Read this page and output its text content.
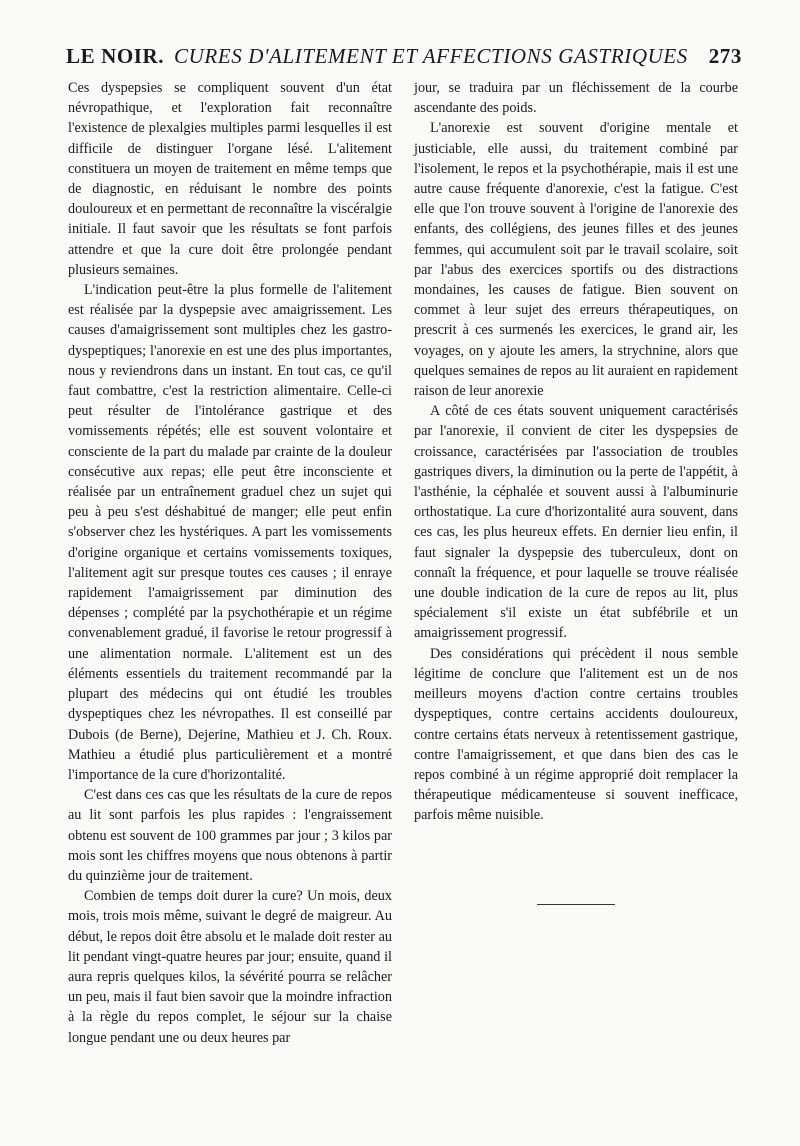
LE NOIR. CURES D'ALITEMENT ET AFFECTIONS GASTRIQUES 273

Ces dyspepsies se compliquent souvent d'un état névropathique, et l'exploration fait reconnaître l'existence de plexalgies multiples parmi lesquelles il est difficile de distinguer l'organe lésé. L'alitement constituera un moyen de traitement en même temps que de diagnostic, en réduisant le nombre des points douloureux et en permettant de reconnaître la viscéralgie initiale. Il faut savoir que les résultats se font parfois attendre et que la cure doit être prolongée pendant plusieurs semaines.

L'indication peut-être la plus formelle de l'alitement est réalisée par la dyspepsie avec amaigrissement. Les causes d'amaigrissement sont multiples chez les gastro-dyspeptiques; l'anorexie en est une des plus importantes, nous y reviendrons dans un instant. En tout cas, ce qu'il faut combattre, c'est la restriction alimentaire. Celle-ci peut résulter de l'intolérance gastrique et des vomissements répétés; elle est souvent volontaire et consciente de la part du malade par crainte de la douleur consécutive aux repas; elle peut être inconsciente et réalisée par un entraînement graduel chez un sujet qui peu à peu s'est déshabitué de manger; elle peut enfin s'observer chez les hystériques. A part les vomissements d'origine organique et certains vomissements toxiques, l'alitement agit sur presque toutes ces causes ; il enraye rapidement l'amaigrissement par diminution des dépenses ; complété par la psychothérapie et un régime convenablement gradué, il favorise le retour progressif à une alimentation normale. L'alitement est un des éléments essentiels du traitement recommandé par la plupart des médecins qui ont étudié les troubles dyspeptiques chez les névropathes. Il est conseillé par Dubois (de Berne), Dejerine, Mathieu et J. Ch. Roux. Mathieu a étudié plus particulièrement et a montré l'importance de la cure d'horizontalité.

C'est dans ces cas que les résultats de la cure de repos au lit sont parfois les plus rapides : l'engraissement obtenu est souvent de 100 grammes par jour ; 3 kilos par mois sont les chiffres moyens que nous obtenons à partir du quinzième jour de traitement.

Combien de temps doit durer la cure? Un mois, deux mois, trois mois même, suivant le degré de maigreur. Au début, le repos doit être absolu et le malade doit rester au lit pendant vingt-quatre heures par jour; ensuite, quand il aura repris quelques kilos, la sévérité pourra se relâcher un peu, mais il faut bien savoir que la moindre infraction à la règle du repos complet, le séjour sur la chaise longue pendant une ou deux heures par

jour, se traduira par un fléchissement de la courbe ascendante des poids.

L'anorexie est souvent d'origine mentale et justiciable, elle aussi, du traitement combiné par l'isolement, le repos et la psychothérapie, mais il est une autre cause fréquente d'anorexie, c'est la fatigue. C'est elle que l'on trouve souvent à l'origine de l'anorexie des enfants, des collégiens, des jeunes filles et des jeunes femmes, qui accumulent soit par le travail scolaire, soit par l'abus des exercices sportifs ou des distractions mondaines, les causes de fatigue. Bien souvent on commet à leur sujet des erreurs thérapeutiques, on prescrit à ces surmenés les exercices, le grand air, les voyages, on y ajoute les amers, la strychnine, alors que quelques semaines de repos au lit auraient en rapidement raison de leur anorexie

A côté de ces états souvent uniquement caractérisés par l'anorexie, il convient de citer les dyspepsies de croissance, caractérisées par l'association de troubles gastriques divers, la diminution ou la perte de l'appétit, à l'asthénie, la céphalée et souvent aussi à l'albuminurie orthostatique. La cure d'horizontalité aura souvent, dans ces cas, les plus heureux effets. En dernier lieu enfin, il faut signaler la dyspepsie des tuberculeux, dont on connaît la fréquence, et pour laquelle se trouve réalisée une double indication de la cure de repos au lit, plus spécialement s'il existe un état subfébrile et un amaigrissement progressif.

Des considérations qui précèdent il nous semble légitime de conclure que l'alitement est un de nos meilleurs moyens d'action contre certains troubles dyspeptiques, contre certains accidents douloureux, contre certains états nerveux à retentissement gastrique, contre l'amaigrissement, et que dans bien des cas le repos combiné à un régime approprié doit remplacer la thérapeutique médicamenteuse si souvent inefficace, parfois même nuisible.
